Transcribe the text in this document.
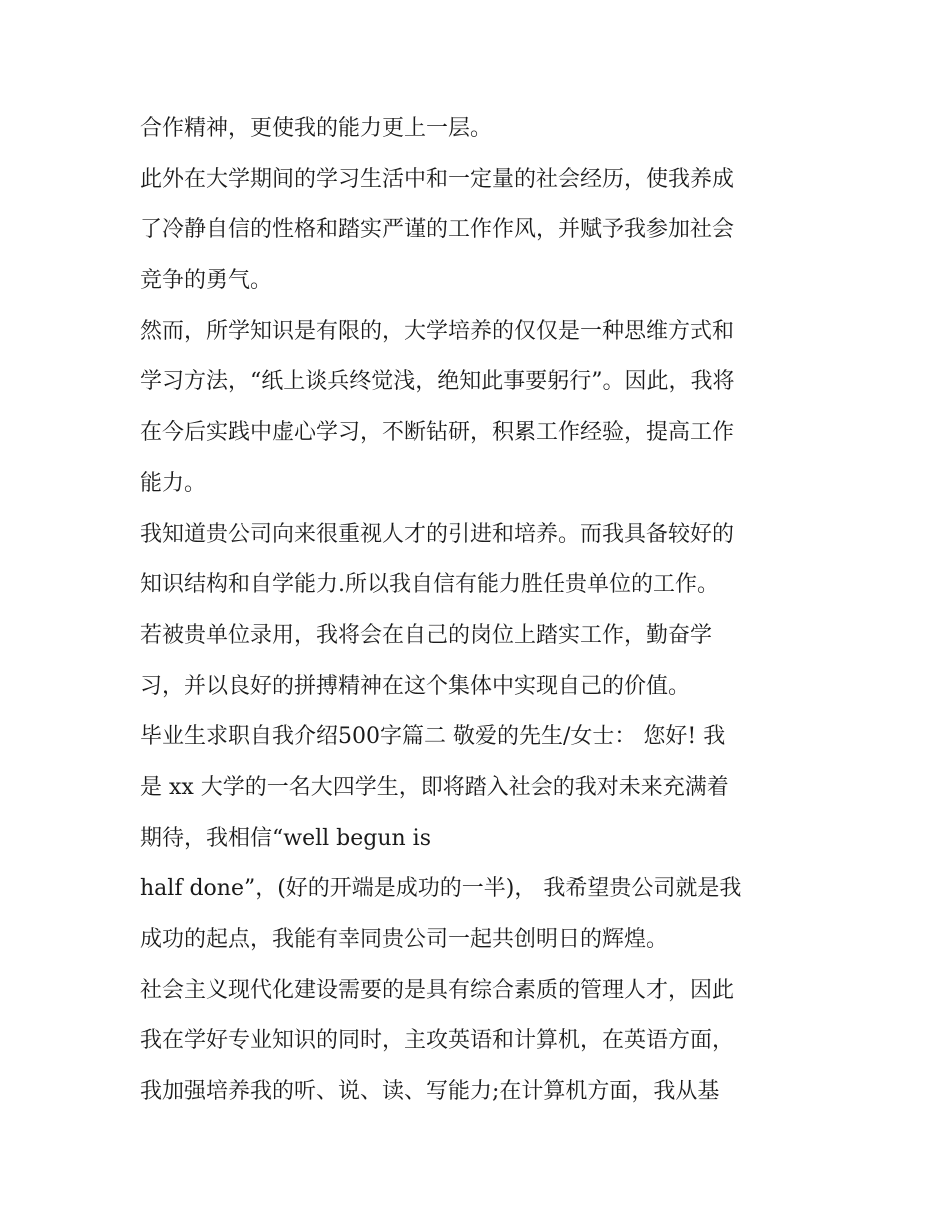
合作精神，更使我的能力更上一层。
此外在大学期间的学习生活中和一定量的社会经历，使我养成
了冷静自信的性格和踏实严谨的工作作风，并赋予我参加社会
竞争的勇气。
然而，所学知识是有限的，大学培养的仅仅是一种思维方式和
学习方法，“纸上谈兵终觉浅，绝知此事要躬行”。因此，我将
在今后实践中虚心学习，不断钻研，积累工作经验，提高工作
能力。
我知道贵公司向来很重视人才的引进和培养。而我具备较好的
知识结构和自学能力.所以我自信有能力胜任贵单位的工作。
若被贵单位录用，我将会在自己的岗位上踏实工作，勤奋学
习，并以良好的拼搏精神在这个集体中实现自己的价值。
毕业生求职自我介绍500字篇二 敬爱的先生/女士： 您好! 我
是 xx 大学的一名大四学生，即将踏入社会的我对未来充满着
期待，我相信“well begun is
half done”，(好的开端是成功的一半)， 我希望贵公司就是我
成功的起点，我能有幸同贵公司一起共创明日的辉煌。
社会主义现代化建设需要的是具有综合素质的管理人才，因此
我在学好专业知识的同时，主攻英语和计算机，在英语方面，
我加强培养我的听、说、读、写能力;在计算机方面，我从基
